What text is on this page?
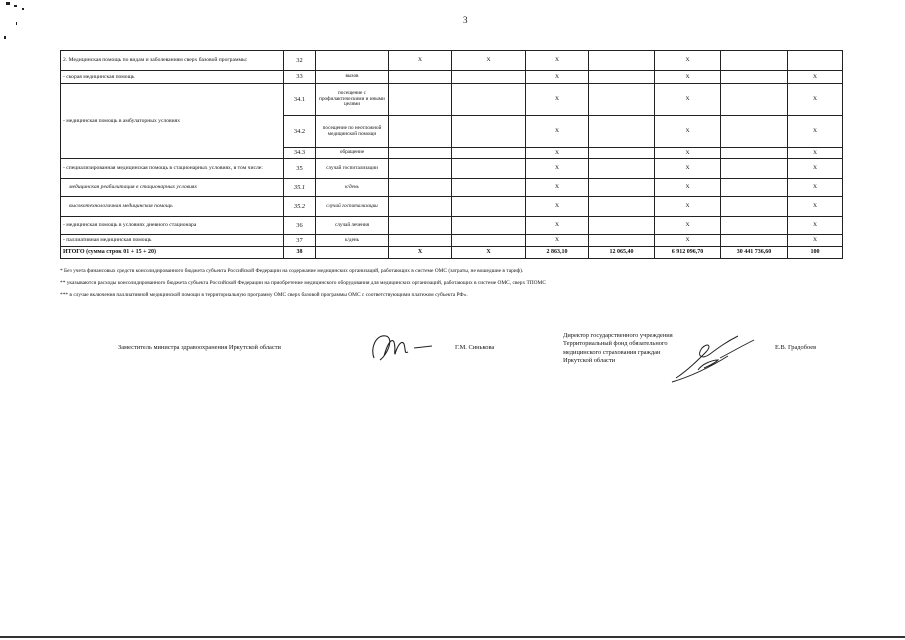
3
2. Медицинская помощь по видам и заболеваниям сверх базовой программы:	32		X	X	X		X		
- скорая медицинская помощь	33	вызов			X		X		X
- медицинская помощь в амбулаторных условиях	34.1	посещение с профилактическими и иными целями			X		X		X
	34.2	посещение по неотложной медицинской помощи			X		X		X
	34.3	обращение			X		X		X
- специализированная медицинская помощь в стационарных условиях, в том числе:	35	случай госпитализации			X		X		X
медицинская реабилитация в стационарных условиях	35.1	к/день			X		X		X
высокотехнологичная медицинская помощь	35.2	случай госпитализации			X		X		X
- медицинская помощь в условиях дневного стационара	36	случай лечения			X		X		X
- паллиативная медицинская помощь	37	к/день			X		X		X
ИТОГО (сумма строк 01 + 15 + 20)	38		X	X	2 863,10	12 065,40	6 912 096,70	30 441 736,60	100
* Без учета финансовых средств консолидированного бюджета субъекта Российской Федерации на содержание медицинских организаций, работающих в системе ОМС (затраты, не вошедшие в тариф).
** указываются расходы консолидированного бюджета субъекта Российской Федерации на приобретение медицинского оборудования для медицинских организаций, работающих в системе ОМС, сверх ТПОМС
*** в случае включения паллиативной медицинской помощи в территориальную программу ОМС сверх базовой программы ОМС с соответствующими платежом субъекта РФ».
Заместитель министра здравоохранения Иркутской области	Г.М. Синькова
Директор государственного учреждения
Территориальный фонд обязательного
медицинского страхования граждан
Иркутской области
Е.В. Градобоев
